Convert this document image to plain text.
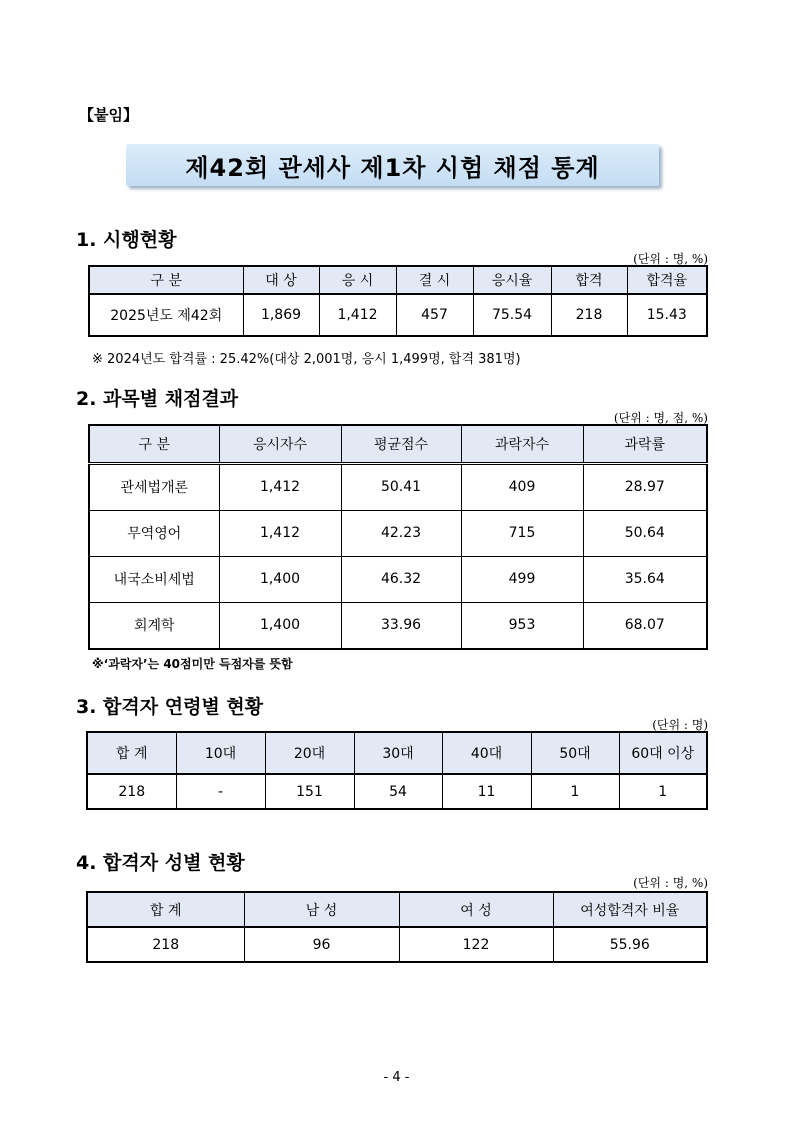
【붙임】
제42회 관세사 제1차 시험 채점 통계
1. 시행현황
(단위 : 명, %)
구 분	대 상	응 시	결 시	응시율	합격	합격율
2025년도 제42회	1,869	1,412	457	75.54	218	15.43
※ 2024년도 합격률 : 25.42%(대상 2,001명, 응시 1,499명, 합격 381명)
2. 과목별 채점결과
(단위 : 명, 점, %)
구 분	응시자수	평균점수	과락자수	과락률
관세법개론	1,412	50.41	409	28.97
무역영어	1,412	42.23	715	50.64
내국소비세법	1,400	46.32	499	35.64
회계학	1,400	33.96	953	68.07
※‘과락자’는 40점미만 득점자를 뜻함
3. 합격자 연령별 현황
(단위 : 명)
합 계	10대	20대	30대	40대	50대	60대 이상
218	-	151	54	11	1	1
4. 합격자 성별 현황
(단위 : 명, %)
합 계	남 성	여 성	여성합격자 비율
218	96	122	55.96
- 4 -
